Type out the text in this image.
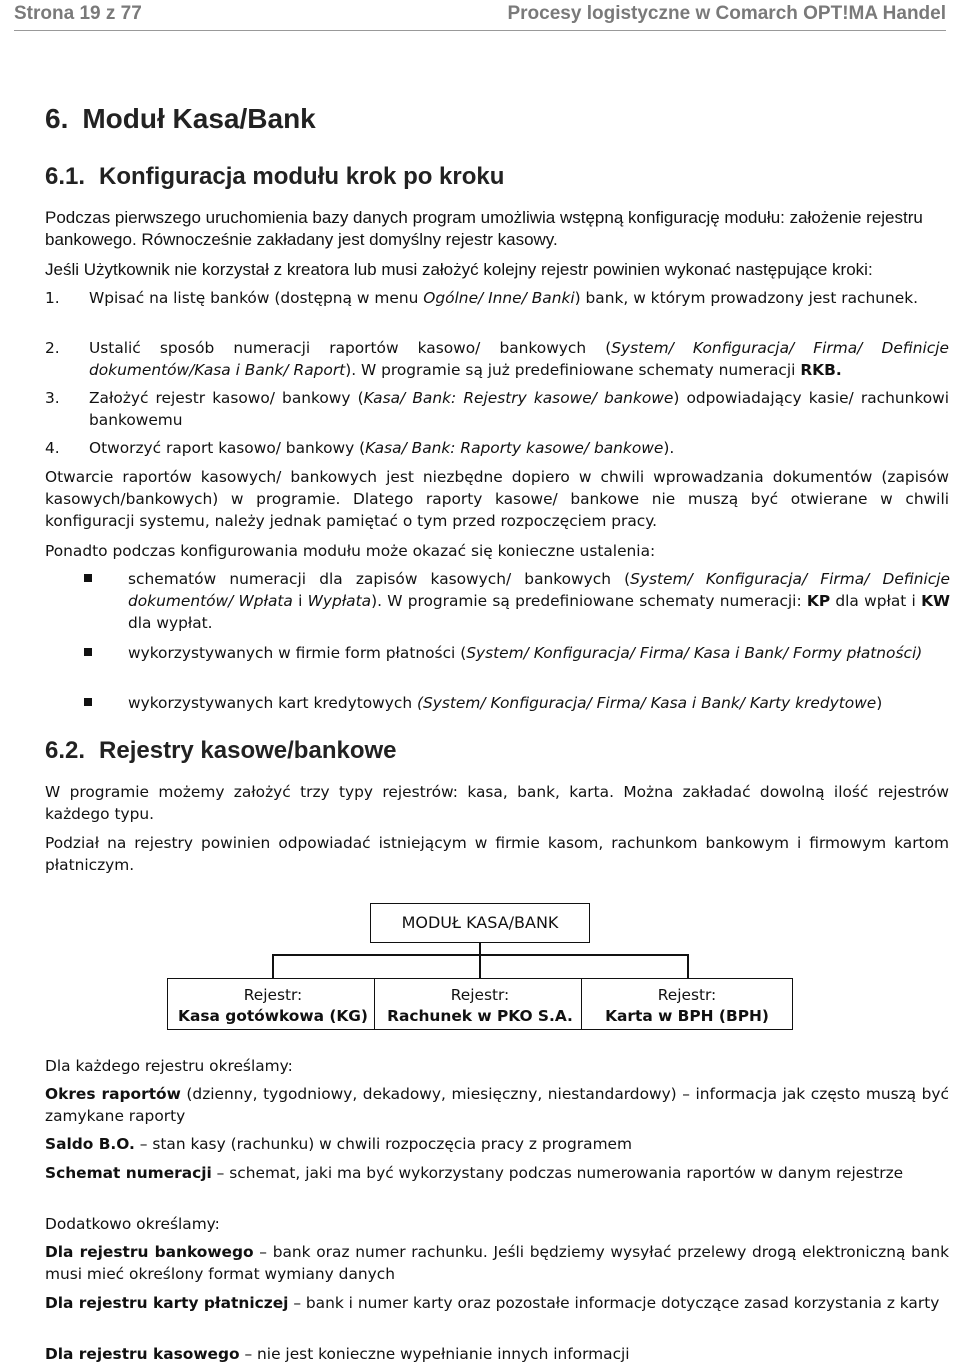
Strona 19 z 77	Procesy logistyczne w Comarch OPT!MA Handel
6. Moduł Kasa/Bank
6.1. Konfiguracja modułu krok po kroku
Podczas pierwszego uruchomienia bazy danych program umożliwia wstępną konfigurację modułu: założenie rejestru bankowego. Równocześnie zakładany jest domyślny rejestr kasowy.
Jeśli Użytkownik nie korzystał z kreatora lub musi założyć kolejny rejestr powinien wykonać następujące kroki:
1. Wpisać na listę banków (dostępną w menu Ogólne/ Inne/ Banki) bank, w którym prowadzony jest rachunek.
2. Ustalić sposób numeracji raportów kasowo/ bankowych (System/ Konfiguracja/ Firma/ Definicje dokumentów/Kasa i Bank/ Raport). W programie są już predefiniowane schematy numeracji RKB.
3. Założyć rejestr kasowo/ bankowy (Kasa/ Bank: Rejestry kasowe/ bankowe) odpowiadający kasie/ rachunkowi bankowemu
4. Otworzyć raport kasowo/ bankowy (Kasa/ Bank: Raporty kasowe/ bankowe).
Otwarcie raportów kasowych/ bankowych jest niezbędne dopiero w chwili wprowadzania dokumentów (zapisów kasowych/bankowych) w programie. Dlatego raporty kasowe/ bankowe nie muszą być otwierane w chwili konfiguracji systemu, należy jednak pamiętać o tym przed rozpoczęciem pracy.
Ponadto podczas konfigurowania modułu może okazać się konieczne ustalenia:
schematów numeracji dla zapisów kasowych/ bankowych (System/ Konfiguracja/ Firma/ Definicje dokumentów/ Wpłata i Wypłata). W programie są predefiniowane schematy numeracji: KP dla wpłat i KW dla wypłat.
wykorzystywanych w firmie form płatności (System/ Konfiguracja/ Firma/ Kasa i Bank/ Formy płatności)
wykorzystywanych kart kredytowych (System/ Konfiguracja/ Firma/ Kasa i Bank/ Karty kredytowe)
6.2. Rejestry kasowe/bankowe
W programie możemy założyć trzy typy rejestrów: kasa, bank, karta. Można zakładać dowolną ilość rejestrów każdego typu.
Podział na rejestry powinien odpowiadać istniejącym w firmie kasom, rachunkom bankowym i firmowym kartom płatniczym.
MODUŁ KASA/BANK
Rejestr:
Kasa gotówkowa (KG)
Rejestr:
Rachunek w PKO S.A.
Rejestr:
Karta w BPH (BPH)
Dla każdego rejestru określamy:
Okres raportów (dzienny, tygodniowy, dekadowy, miesięczny, niestandardowy) – informacja jak często muszą być zamykane raporty
Saldo B.O. – stan kasy (rachunku) w chwili rozpoczęcia pracy z programem
Schemat numeracji – schemat, jaki ma być wykorzystany podczas numerowania raportów w danym rejestrze
Dodatkowo określamy:
Dla rejestru bankowego – bank oraz numer rachunku. Jeśli będziemy wysyłać przelewy drogą elektroniczną bank musi mieć określony format wymiany danych
Dla rejestru karty płatniczej – bank i numer karty oraz pozostałe informacje dotyczące zasad korzystania z karty
Dla rejestru kasowego – nie jest konieczne wypełnianie innych informacji
